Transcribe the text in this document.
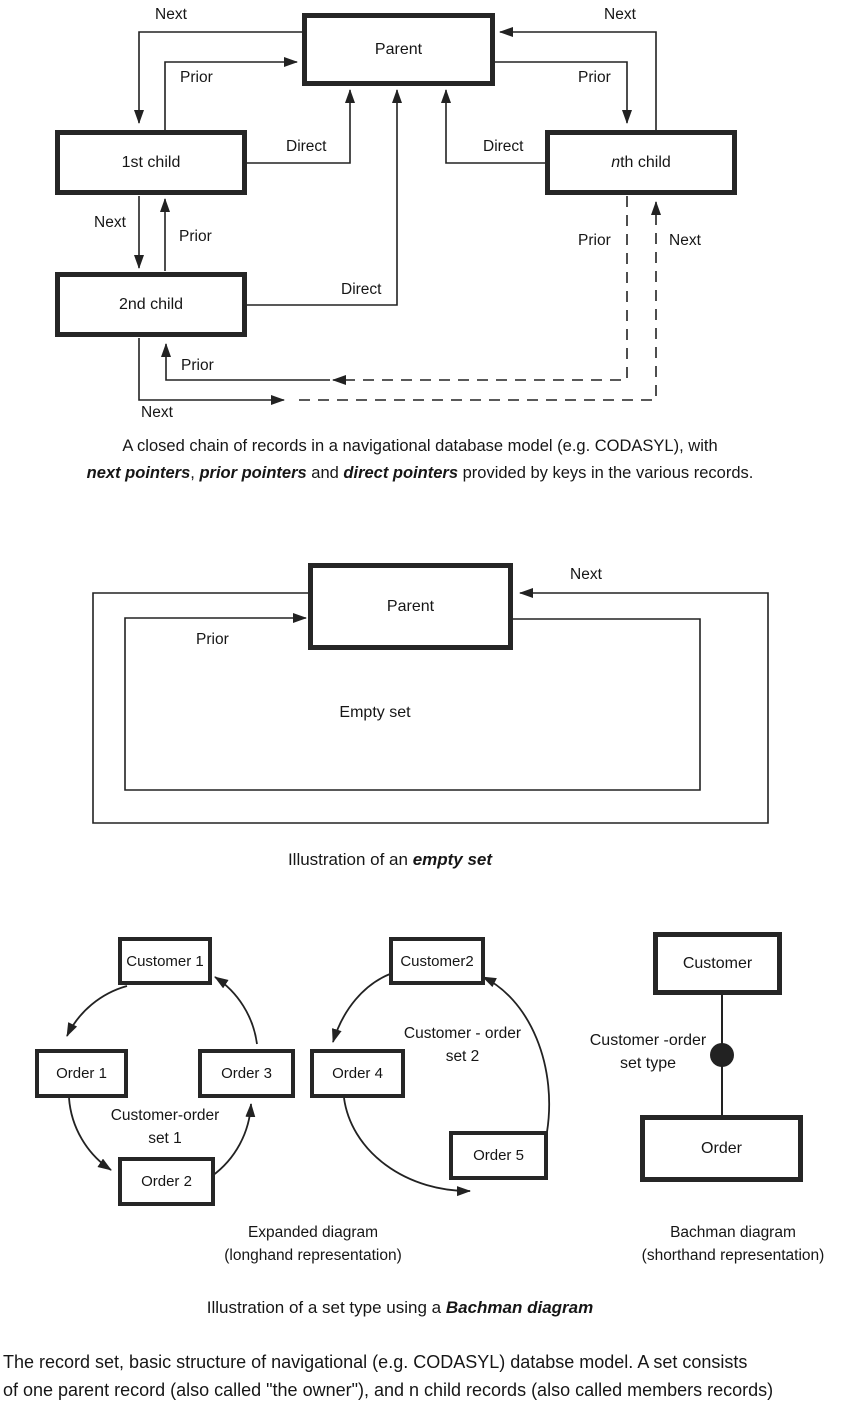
Parent
1st child	n th child
2nd child
Next
Prior
Next
Prior
Direct	Direct
Next
Prior
Direct
Prior
Next
Prior	Next
A closed chain of records in a navigational database model (e.g. CODASYL), with
next pointers, prior pointers and direct pointers provided by keys in the various records.
Parent
Next
Prior
Empty set
Illustration of an empty set
Customer 1
Order 1	Order 3
Order 2
Customer-order
set 1
Customer2
Order 4
Order 5
Customer - order
set 2
Customer
Order
Customer -order
set type
Expanded diagram
(longhand representation)
Bachman diagram
(shorthand representation)
Illustration of a set type using a Bachman diagram
The record set, basic structure of navigational (e.g. CODASYL) databse model. A set consists
of one parent record (also called "the owner"), and n child records (also called members records)
